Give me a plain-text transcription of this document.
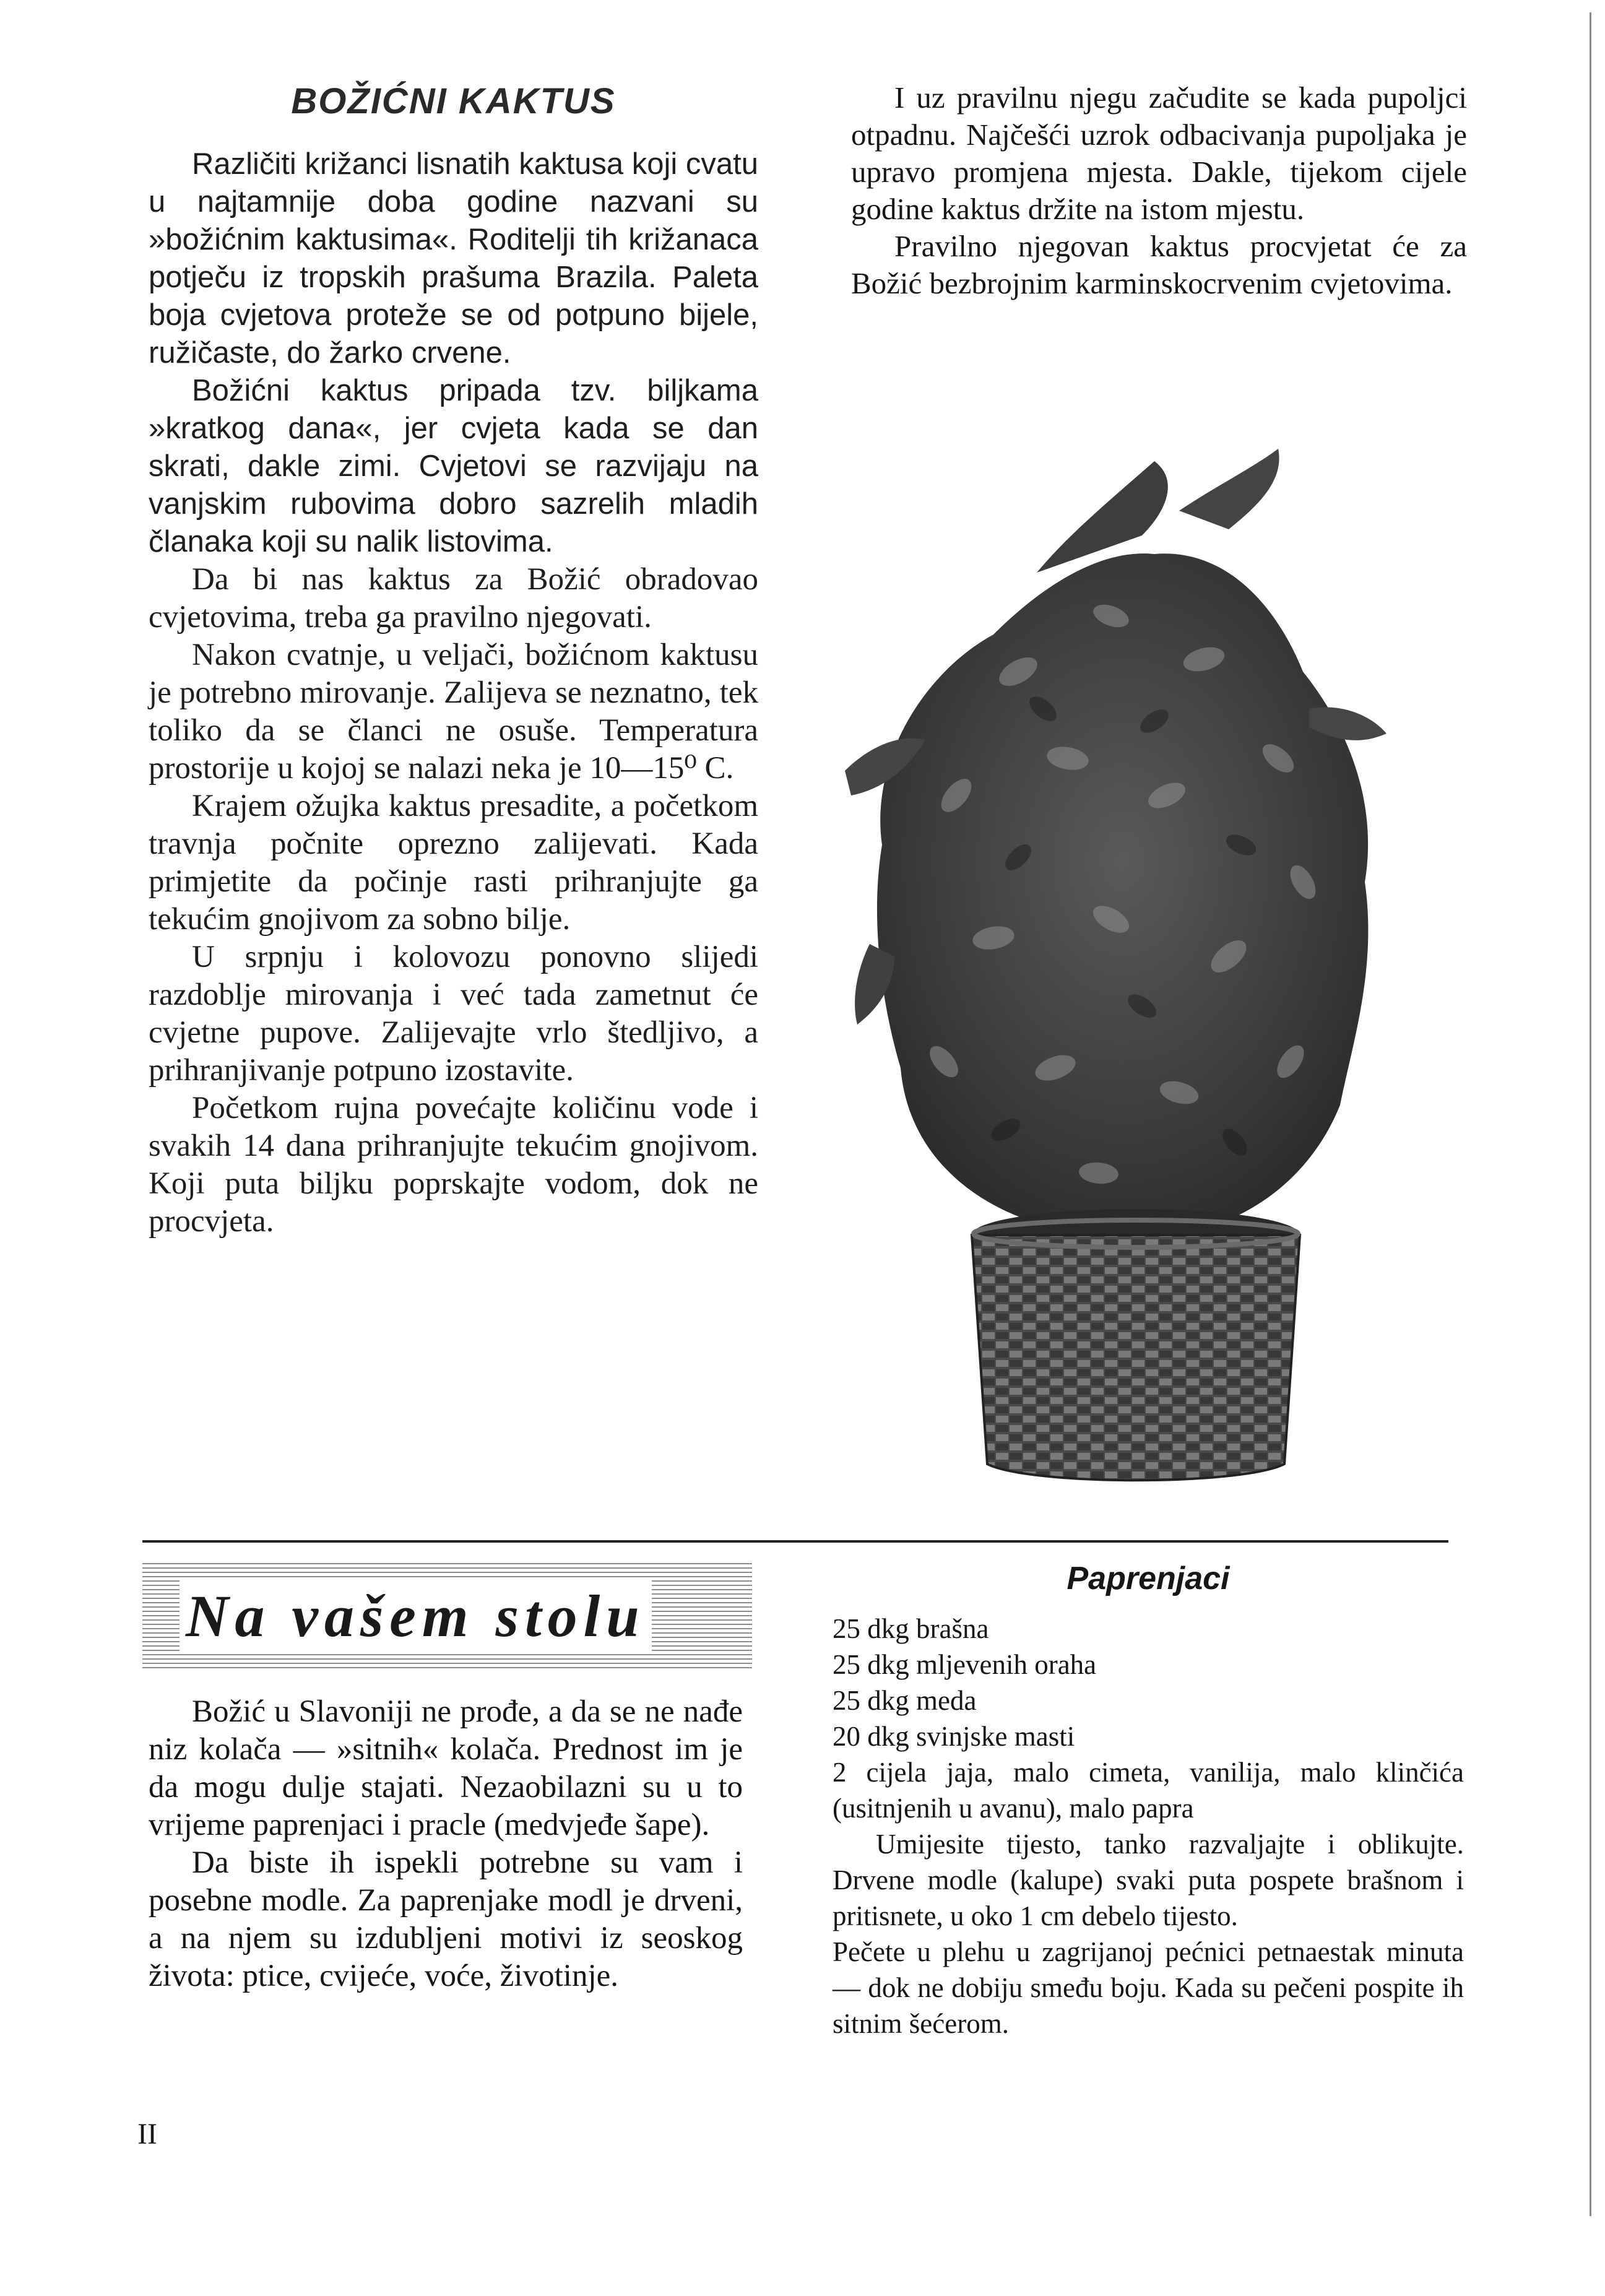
BOŽIĆNI KAKTUS

Različiti križanci lisnatih kaktusa koji cvatu u najtamnije doba godine nazvani su »božićnim kaktusima«. Roditelji tih križanaca potječu iz tropskih prašuma Brazila. Paleta boja cvjetova proteže se od potpuno bijele, ružičaste, do žarko crvene.

Božićni kaktus pripada tzv. biljkama »kratkog dana«, jer cvjeta kada se dan skrati, dakle zimi. Cvjetovi se razvijaju na vanjskim rubovima dobro sazrelih mladih članaka koji su nalik listovima.

Da bi nas kaktus za Božić obradovao cvjetovima, treba ga pravilno njegovati.

Nakon cvatnje, u veljači, božićnom kaktusu je potrebno mirovanje. Zalijeva se neznatno, tek toliko da se članci ne osuše. Temperatura prostorije u kojoj se nalazi neka je 10—15⁰ C.

Krajem ožujka kaktus presadite, a početkom travnja počnite oprezno zalijevati. Kada primjetite da počinje rasti prihranjujte ga tekućim gnojivom za sobno bilje.

U srpnju i kolovozu ponovno slijedi razdoblje mirovanja i već tada zametnut će cvjetne pupove. Zalijevajte vrlo štedljivo, a prihranjivanje potpuno izostavite.

Početkom rujna povećajte količinu vode i svakih 14 dana prihranjujte tekućim gnojivom. Koji puta biljku poprskajte vodom, dok ne procvjeta.

I uz pravilnu njegu začudite se kada pupoljci otpadnu. Najčešći uzrok odbacivanja pupoljaka je upravo promjena mjesta. Dakle, tijekom cijele godine kaktus držite na istom mjestu.

Pravilno njegovan kaktus procvjetat će za Božić bezbrojnim karminskocrvenim cvjetovima.

Na vašem stolu

Božić u Slavoniji ne prođe, a da se ne nađe niz kolača — »sitnih« kolača. Prednost im je da mogu dulje stajati. Nezaobilazni su u to vrijeme paprenjaci i pracle (medvjeđe šape).

Da biste ih ispekli potrebne su vam i posebne modle. Za paprenjake modl je drveni, a na njem su izdubljeni motivi iz seoskog života: ptice, cvijeće, voće, životinje.

Paprenjaci
25 dkg brašna
25 dkg mljevenih oraha
25 dkg meda
20 dkg svinjske masti
2 cijela jaja, malo cimeta, vanilija, malo klinčića (usitnjenih u avanu), malo papra

Umijesite tijesto, tanko razvaljajte i oblikujte. Drvene modle (kalupe) svaki puta pospete brašnom i pritisnete, u oko 1 cm debelo tijesto.

Pečete u plehu u zagrijanoj pećnici petnaestak minuta — dok ne dobiju smeđu boju. Kada su pečeni pospite ih sitnim šećerom.

II
